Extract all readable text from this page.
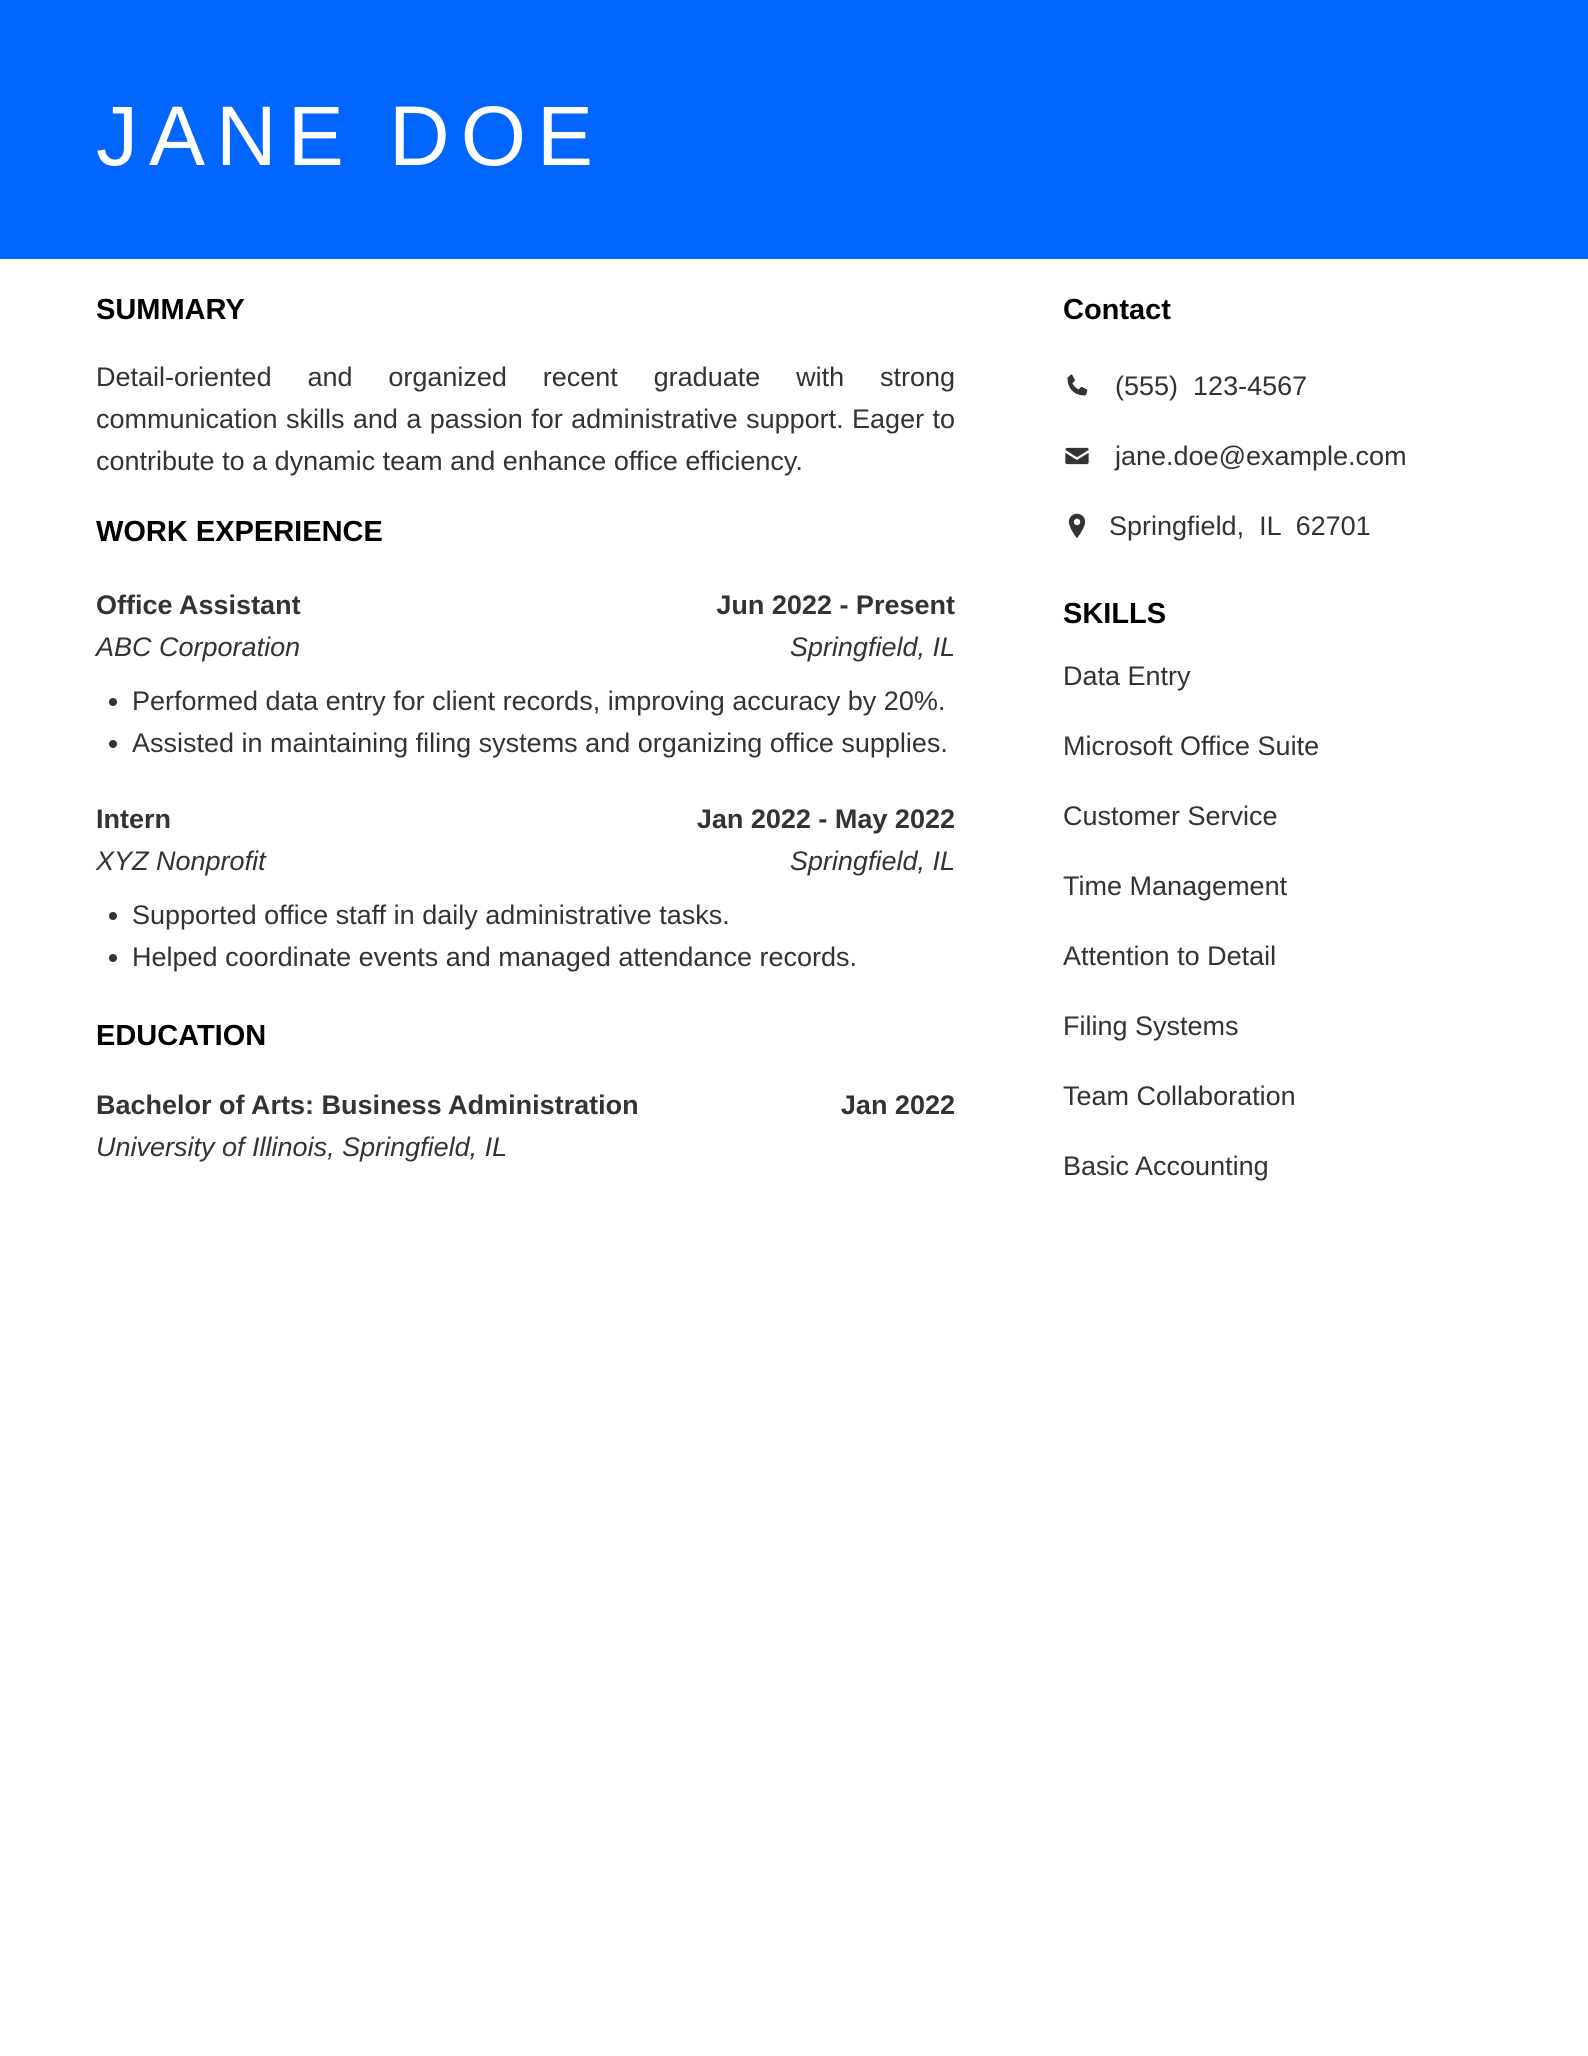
JANE DOE
SUMMARY

Detail-oriented and organized recent graduate with strong communication skills and a passion for administrative support. Eager to contribute to a dynamic team and enhance office efficiency.

WORK EXPERIENCE
Office Assistant	Jun 2022 - Present
ABC Corporation	Springfield, IL
• Performed data entry for client records, improving accuracy by 20%.
• Assisted in maintaining filing systems and organizing office supplies.
Intern	Jan 2022 - May 2022
XYZ Nonprofit	Springfield, IL
• Supported office staff in daily administrative tasks.
• Helped coordinate events and managed attendance records.
EDUCATION
Bachelor of Arts: Business Administration	Jan 2022
University of Illinois, Springfield, IL
Contact
(555)  123-4567
jane.doe@example.com
Springfield,  IL  62701
SKILLS
Data Entry
Microsoft Office Suite
Customer Service
Time Management
Attention to Detail
Filing Systems
Team Collaboration
Basic Accounting
